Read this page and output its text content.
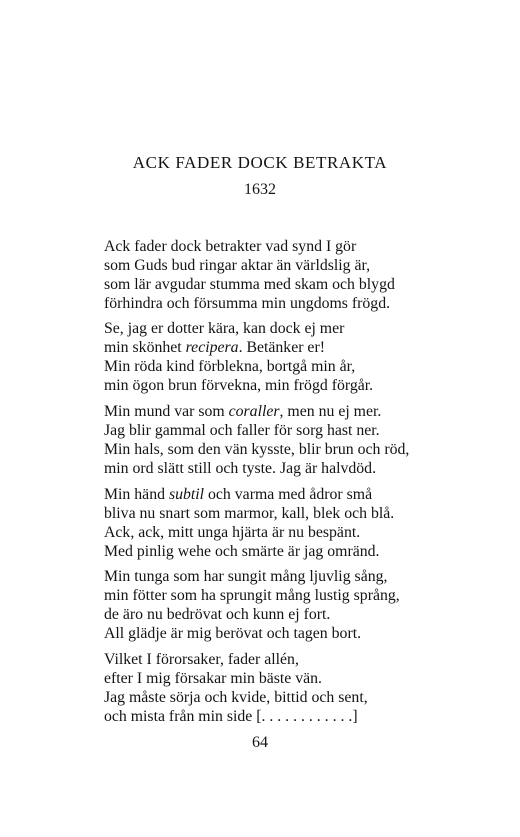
ACK FADER DOCK BETRAKTA
1632
Ack fader dock betrakter vad synd I gör
som Guds bud ringar aktar än världslig är,
som lär avgudar stumma med skam och blygd
förhindra och försumma min ungdoms frögd.
Se, jag er dotter kära, kan dock ej mer
min skönhet recipera. Betänker er!
Min röda kind förblekna, bortgå min år,
min ögon brun förvekna, min frögd förgår.
Min mund var som coraller, men nu ej mer.
Jag blir gammal och faller för sorg hast ner.
Min hals, som den vän kysste, blir brun och röd,
min ord slätt still och tyste. Jag är halvdöd.
Min händ subtil och varma med ådror små
bliva nu snart som marmor, kall, blek och blå.
Ack, ack, mitt unga hjärta är nu bespänt.
Med pinlig wehe och smärte är jag omränd.
Min tunga som har sungit mång ljuvlig sång,
min fötter som ha sprungit mång lustig språng,
de äro nu bedrövat och kunn ej fort.
All glädje är mig berövat och tagen bort.
Vilket I förorsaker, fader allén,
efter I mig försakar min bäste vän.
Jag måste sörja och kvide, bittid och sent,
och mista från min side [. . . . . . . . . . . .]
64
